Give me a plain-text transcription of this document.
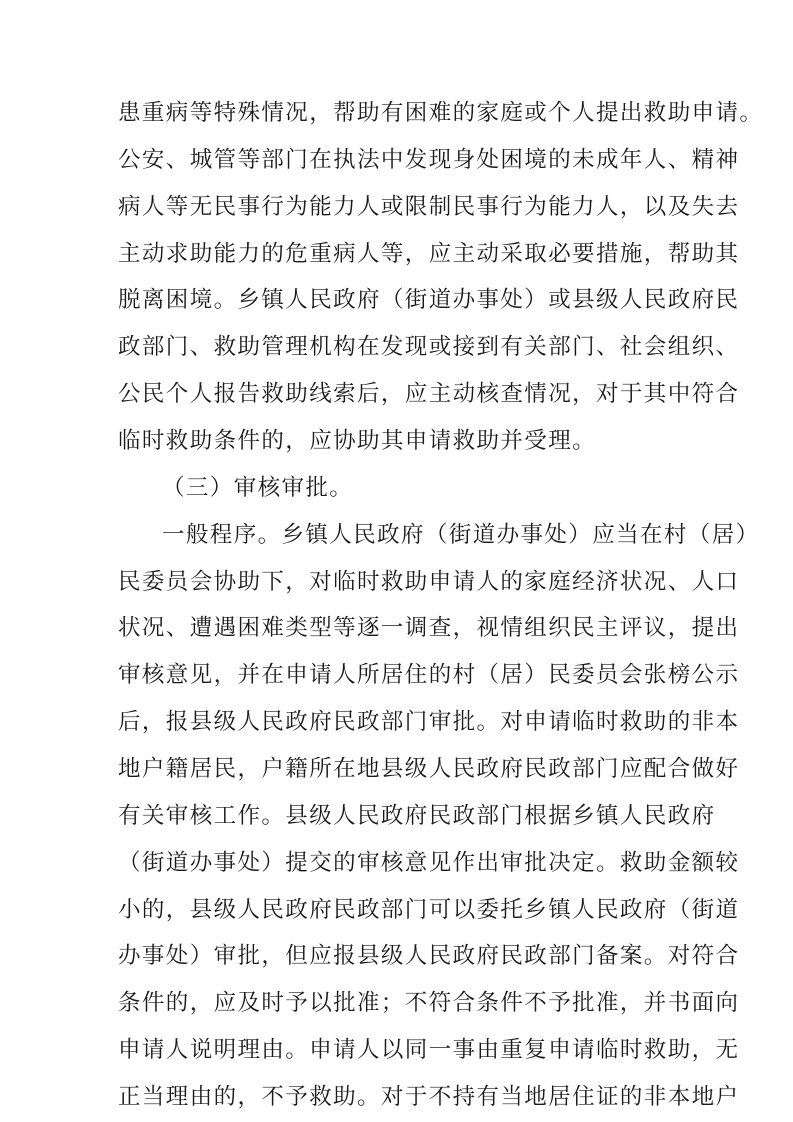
患重病等特殊情况，帮助有困难的家庭或个人提出救助申请。
公安、城管等部门在执法中发现身处困境的未成年人、精神
病人等无民事行为能力人或限制民事行为能力人，以及失去
主动求助能力的危重病人等，应主动采取必要措施，帮助其
脱离困境。乡镇人民政府（街道办事处）或县级人民政府民
政部门、救助管理机构在发现或接到有关部门、社会组织、
公民个人报告救助线索后，应主动核查情况，对于其中符合
临时救助条件的，应协助其申请救助并受理。
（三）审核审批。
一般程序。乡镇人民政府（街道办事处）应当在村（居）
民委员会协助下，对临时救助申请人的家庭经济状况、人口
状况、遭遇困难类型等逐一调查，视情组织民主评议，提出
审核意见，并在申请人所居住的村（居）民委员会张榜公示
后，报县级人民政府民政部门审批。对申请临时救助的非本
地户籍居民，户籍所在地县级人民政府民政部门应配合做好
有关审核工作。县级人民政府民政部门根据乡镇人民政府
（街道办事处）提交的审核意见作出审批决定。救助金额较
小的，县级人民政府民政部门可以委托乡镇人民政府（街道
办事处）审批，但应报县级人民政府民政部门备案。对符合
条件的，应及时予以批准；不符合条件不予批准，并书面向
申请人说明理由。申请人以同一事由重复申请临时救助，无
正当理由的，不予救助。对于不持有当地居住证的非本地户
